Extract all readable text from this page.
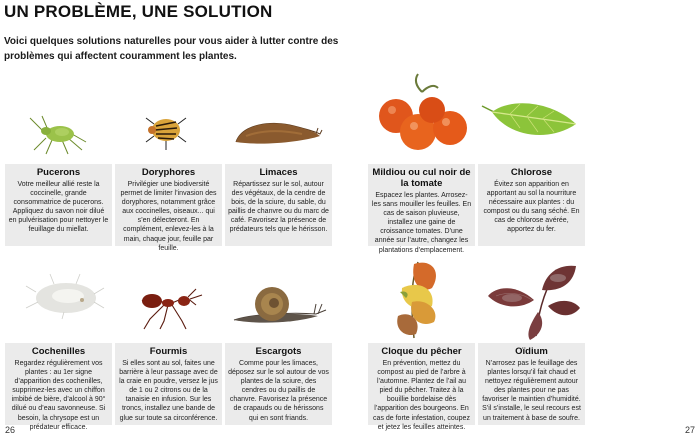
UN PROBLÈME, UNE SOLUTION
Voici quelques solutions naturelles pour vous aider à lutter contre des problèmes qui affectent couramment les plantes.
Pucerons
Votre meilleur allié reste la coccinelle, grande consommatrice de pucerons. Appliquez du savon noir dilué en pulvérisation pour nettoyer le feuillage du miellat.
Doryphores
Privilégier une biodiversité permet de limiter l’invasion des doryphores, notamment grâce aux coccinelles, oiseaux... qui s’en délecteront. En complément, enlevez-les à la main, chaque jour, feuille par feuille.
Limaces
Répartissez sur le sol, autour des végétaux, de la cendre de bois, de la sciure, du sable, du paillis de chanvre ou du marc de café. Favorisez la présence de prédateurs tels que le hérisson.
Mildiou ou cul noir de la tomate
Espacez les plantes. Arrosez-les sans mouiller les feuilles. En cas de saison pluvieuse, installez une gaine de croissance tomates. D’une année sur l’autre, changez les plantations d’emplacement.
Chlorose
Évitez son apparition en apportant au sol la nourriture nécessaire aux plantes : du compost ou du sang séché. En cas de chlorose avérée, apportez du fer.
Cochenilles
Regardez régulièrement vos plantes : au 1er signe d’apparition des cochenilles, supprimez-les avec un chiffon imbibé de bière, d’alcool à 90° dilué ou d’eau savonneuse. Si besoin, la chrysope est un prédateur efficace.
Fourmis
Si elles sont au sol, faites une barrière à leur passage avec de la craie en poudre, versez le jus de 1 ou 2 citrons ou de la tanaisie en infusion. Sur les troncs, installez une bande de glue sur toute sa circonférence.
Escargots
Comme pour les limaces, déposez sur le sol autour de vos plantes de la sciure, des cendres ou du paillis de chanvre. Favorisez la présence de crapauds ou de hérissons qui en sont friands.
Cloque du pêcher
En prévention, mettez du compost au pied de l’arbre à l’automne. Plantez de l’ail au pied du pêcher. Traitez à la bouillie bordelaise dès l’apparition des bourgeons. En cas de forte infestation, coupez et jetez les feuilles atteintes.
Oïdium
N’arrosez pas le feuillage des plantes lorsqu’il fait chaud et nettoyez régulièrement autour des plantes pour ne pas favoriser le maintien d’humidité. S’il s’installe, le seul recours est un traitement à base de soufre.
26	27
